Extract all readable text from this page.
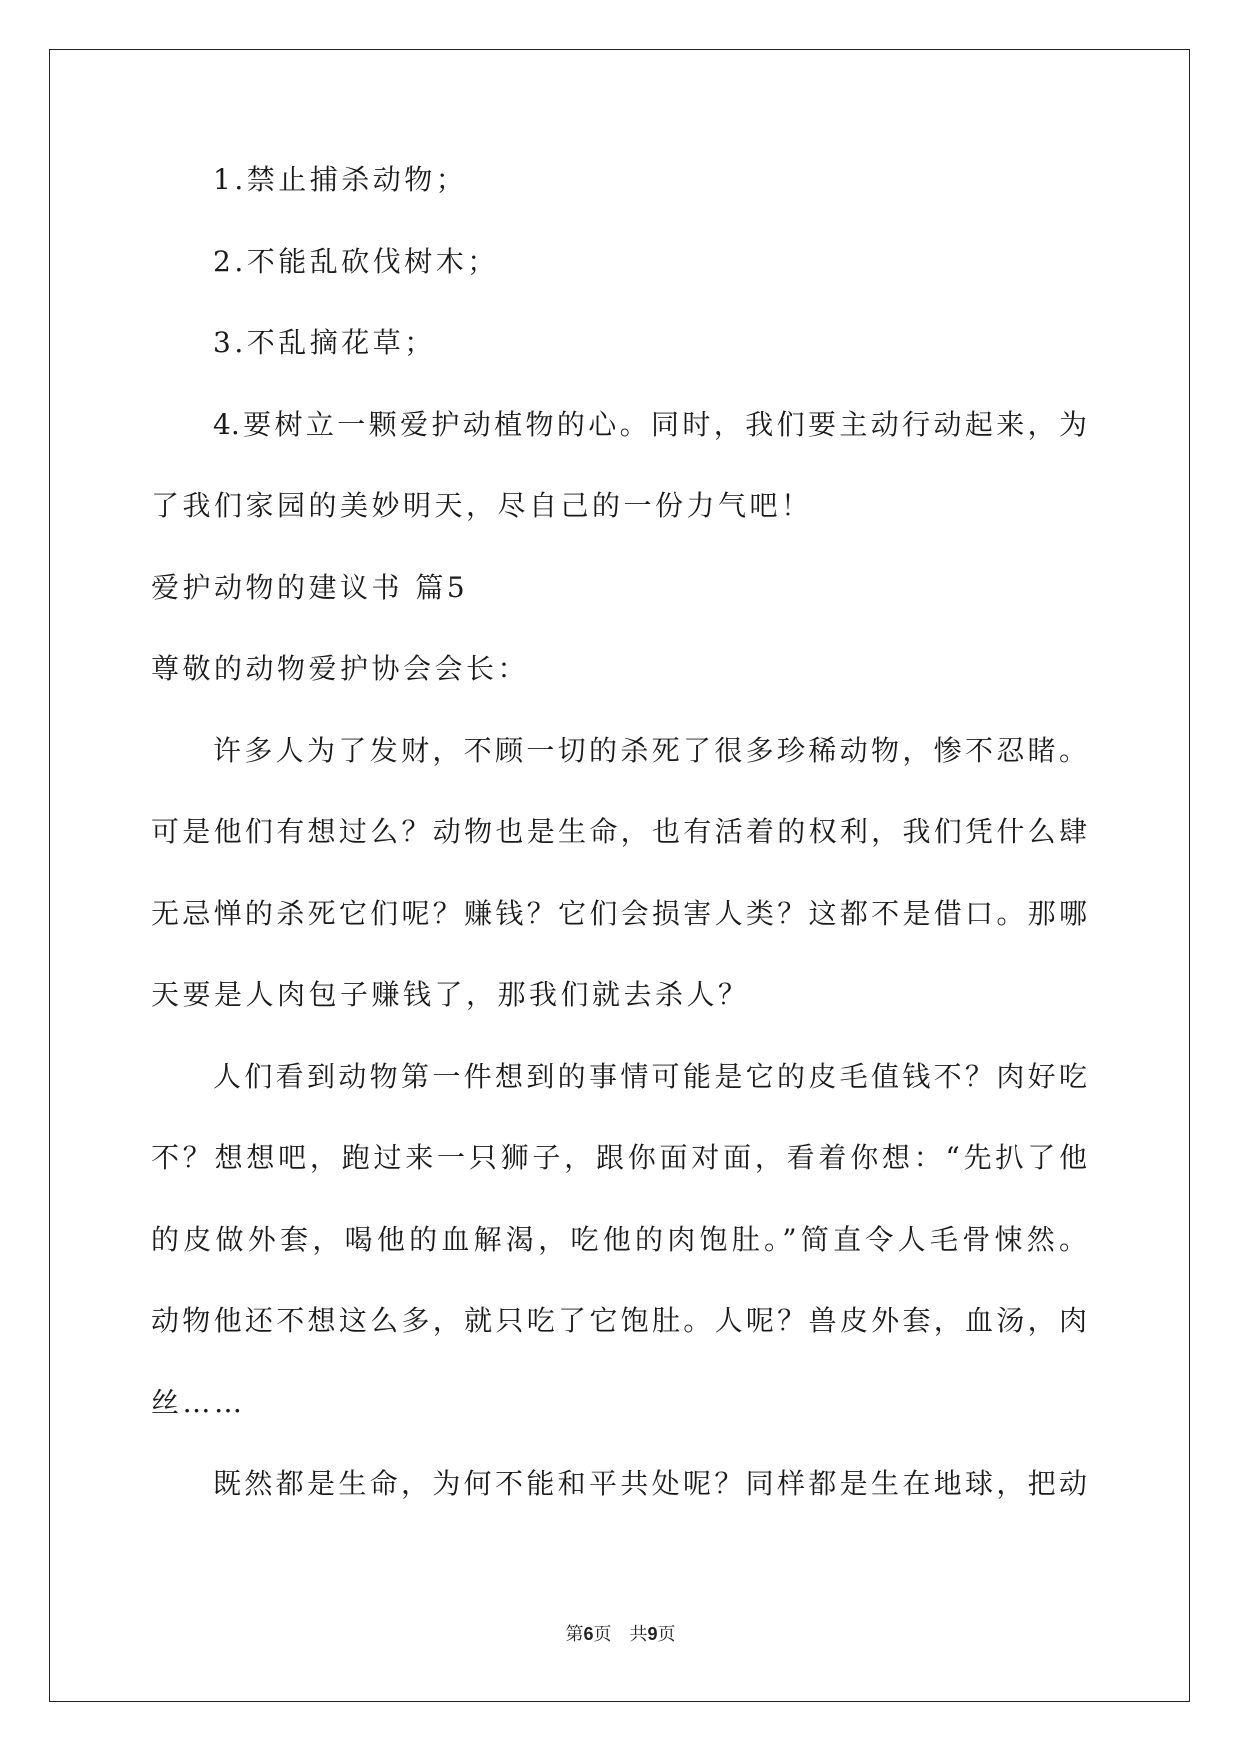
1.禁止捕杀动物；
2.不能乱砍伐树木；
3.不乱摘花草；
4.要树立一颗爱护动植物的心。同时，我们要主动行动起来，为
了我们家园的美妙明天，尽自己的一份力气吧！
爱护动物的建议书 篇5
尊敬的动物爱护协会会长：
许多人为了发财，不顾一切的杀死了很多珍稀动物，惨不忍睹。
可是他们有想过么？动物也是生命，也有活着的权利，我们凭什么肆
无忌惮的杀死它们呢？赚钱？它们会损害人类？这都不是借口。那哪
天要是人肉包子赚钱了，那我们就去杀人？
人们看到动物第一件想到的事情可能是它的皮毛值钱不？肉好吃
不？想想吧，跑过来一只狮子，跟你面对面，看着你想：“先扒了他
的皮做外套，喝他的血解渴，吃他的肉饱肚。”简直令人毛骨悚然。
动物他还不想这么多，就只吃了它饱肚。人呢？兽皮外套，血汤，肉
丝……
既然都是生命，为何不能和平共处呢？同样都是生在地球，把动
第6页　共9页
